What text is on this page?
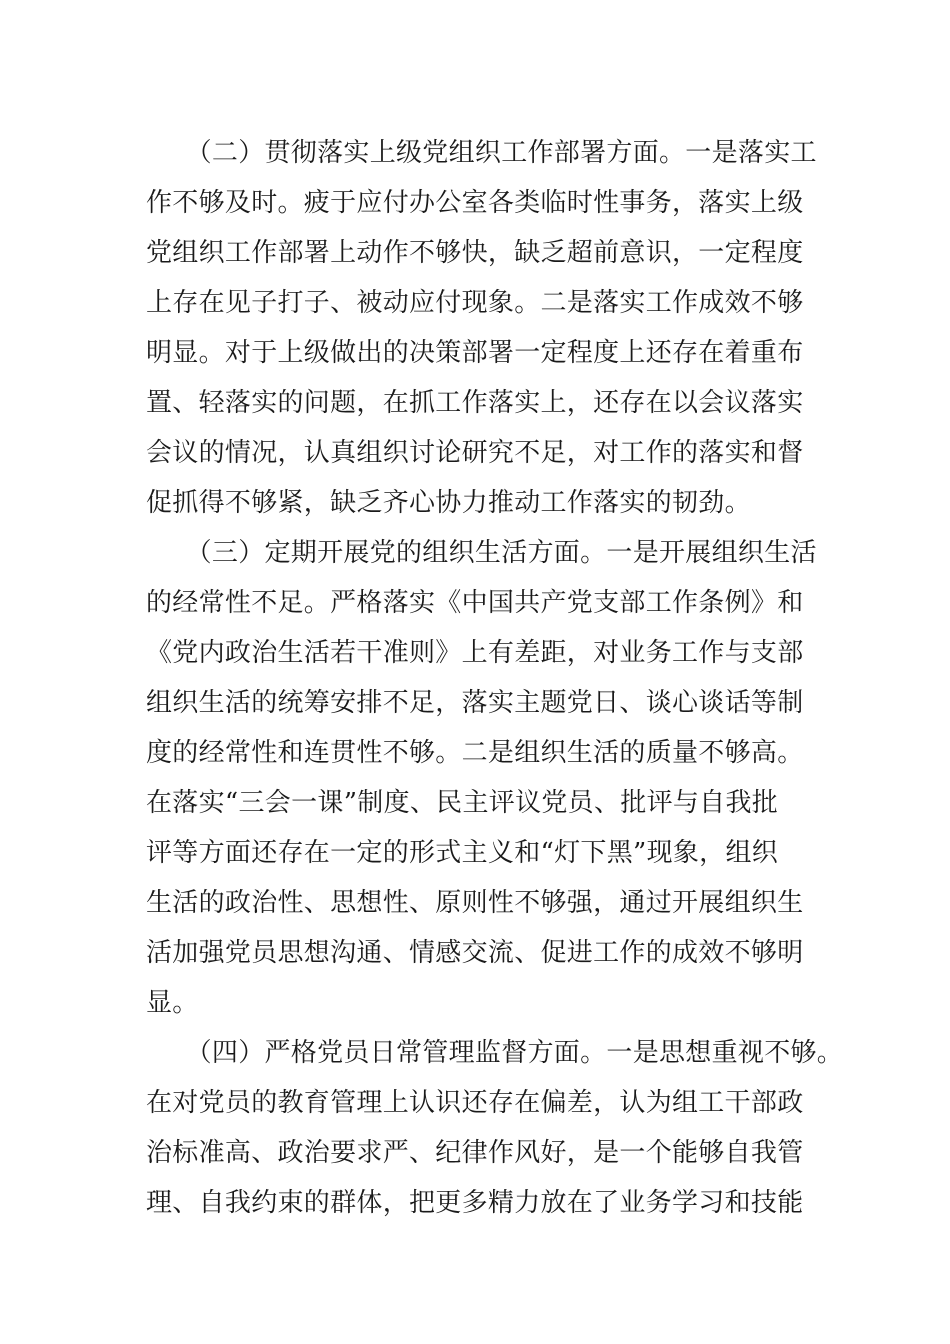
　　（二）贯彻落实上级党组织工作部署方面。一是落实工
作不够及时。疲于应付办公室各类临时性事务，落实上级
党组织工作部署上动作不够快，缺乏超前意识，一定程度
上存在见子打子、被动应付现象。二是落实工作成效不够
明显。对于上级做出的决策部署一定程度上还存在着重布
置、轻落实的问题，在抓工作落实上，还存在以会议落实
会议的情况，认真组织讨论研究不足，对工作的落实和督
促抓得不够紧，缺乏齐心协力推动工作落实的韧劲。
　　（三）定期开展党的组织生活方面。一是开展组织生活
的经常性不足。严格落实《中国共产党支部工作条例》和
《党内政治生活若干准则》上有差距，对业务工作与支部
组织生活的统筹安排不足，落实主题党日、谈心谈话等制
度的经常性和连贯性不够。二是组织生活的质量不够高。
在落实“三会一课”制度、民主评议党员、批评与自我批
评等方面还存在一定的形式主义和“灯下黑”现象，组织
生活的政治性、思想性、原则性不够强，通过开展组织生
活加强党员思想沟通、情感交流、促进工作的成效不够明
显。
　　（四）严格党员日常管理监督方面。一是思想重视不够。
在对党员的教育管理上认识还存在偏差，认为组工干部政
治标准高、政治要求严、纪律作风好，是一个能够自我管
理、自我约束的群体，把更多精力放在了业务学习和技能
